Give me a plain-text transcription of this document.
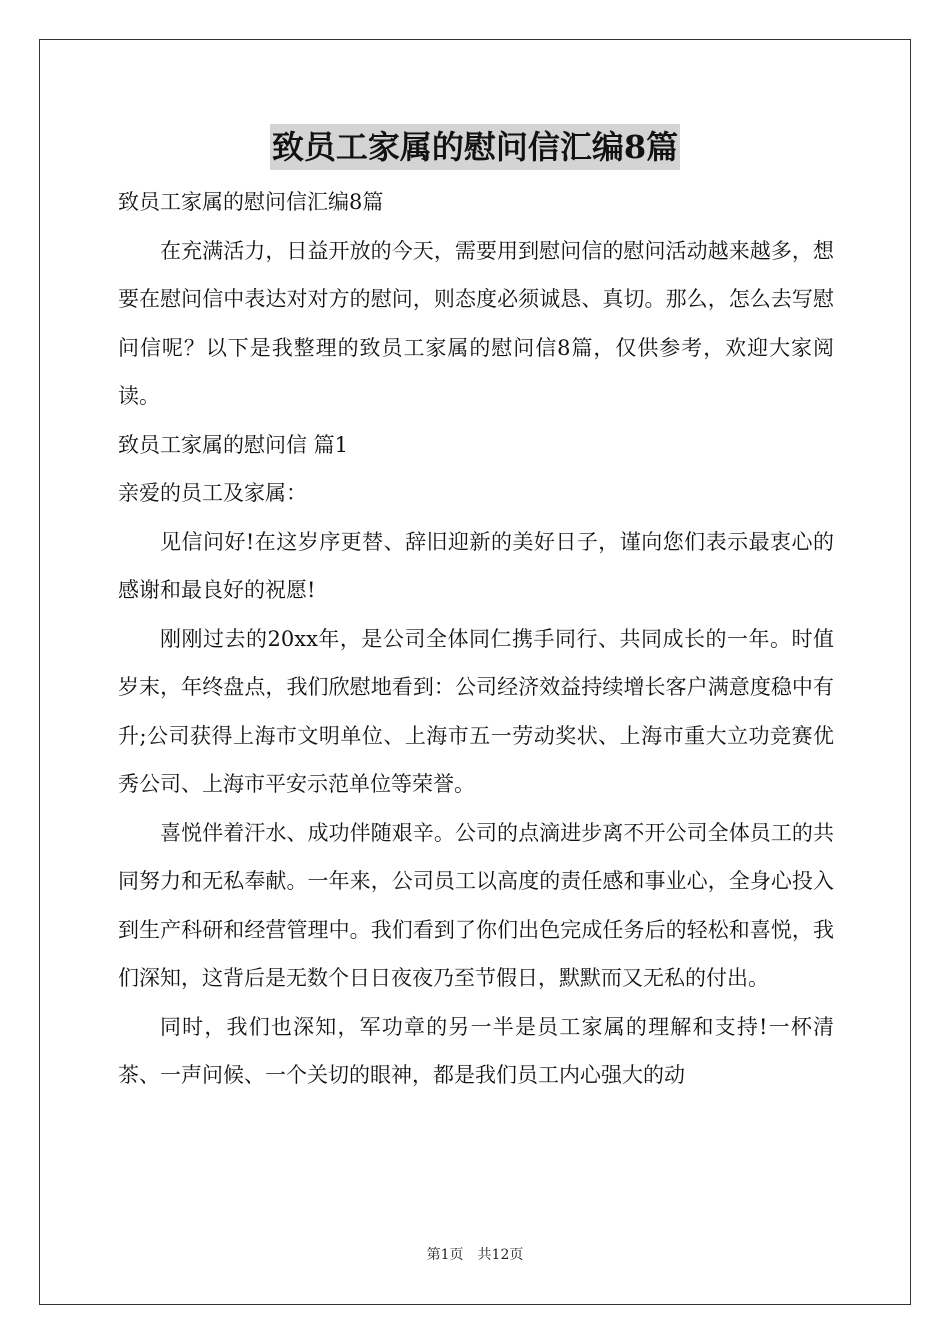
致员工家属的慰问信汇编8篇

致员工家属的慰问信汇编8篇

在充满活力，日益开放的今天，需要用到慰问信的慰问活动越来越多，想要在慰问信中表达对对方的慰问，则态度必须诚恳、真切。那么，怎么去写慰问信呢？以下是我整理的致员工家属的慰问信8篇，仅供参考，欢迎大家阅读。

致员工家属的慰问信 篇1

亲爱的员工及家属：

见信问好!在这岁序更替、辞旧迎新的美好日子，谨向您们表示最衷心的感谢和最良好的祝愿!

刚刚过去的20xx年，是公司全体同仁携手同行、共同成长的一年。时值岁末，年终盘点，我们欣慰地看到：公司经济效益持续增长客户满意度稳中有升;公司获得上海市文明单位、上海市五一劳动奖状、上海市重大立功竞赛优秀公司、上海市平安示范单位等荣誉。

喜悦伴着汗水、成功伴随艰辛。公司的点滴进步离不开公司全体员工的共同努力和无私奉献。一年来，公司员工以高度的责任感和事业心，全身心投入到生产科研和经营管理中。我们看到了你们出色完成任务后的轻松和喜悦，我们深知，这背后是无数个日日夜夜乃至节假日，默默而又无私的付出。

同时，我们也深知，军功章的另一半是员工家属的理解和支持!一杯清茶、一声问候、一个关切的眼神，都是我们员工内心强大的动

第1页 共12页
